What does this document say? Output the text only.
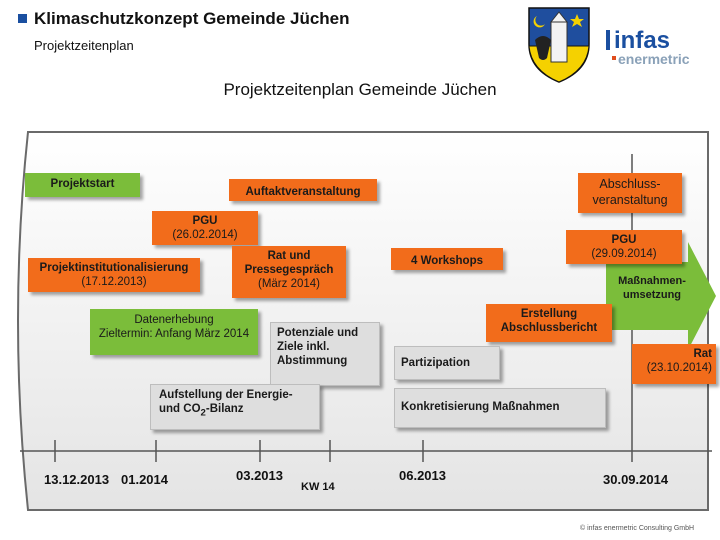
Klimaschutzkonzept Gemeinde Jüchen
Projektzeitenplan	infas
enermetric
Projektzeitenplan Gemeinde Jüchen
Projektstart
Auftaktveranstaltung
Abschluss-veranstaltung
PGU
(26.02.2014)
Projektinstitutionalisierung
(17.12.2013)
Rat und Pressegespräch
(März 2014)
4 Workshops
PGU
(29.09.2014)
Maßnahmen-umsetzung
Datenerhebung
Zieltermin: Anfang März 2014	Potenziale und Ziele inkl. Abstimmung
Erstellung Abschlussbericht
Partizipation
Rat
(23.10.2014)
Aufstellung der Energie- und $CO_2$-Bilanz	Konkretisierung Maßnahmen
13.12.2013 01.2014	03.2013
KW 14
06.2013	30.09.2014
© infas enermetric Consulting GmbH
